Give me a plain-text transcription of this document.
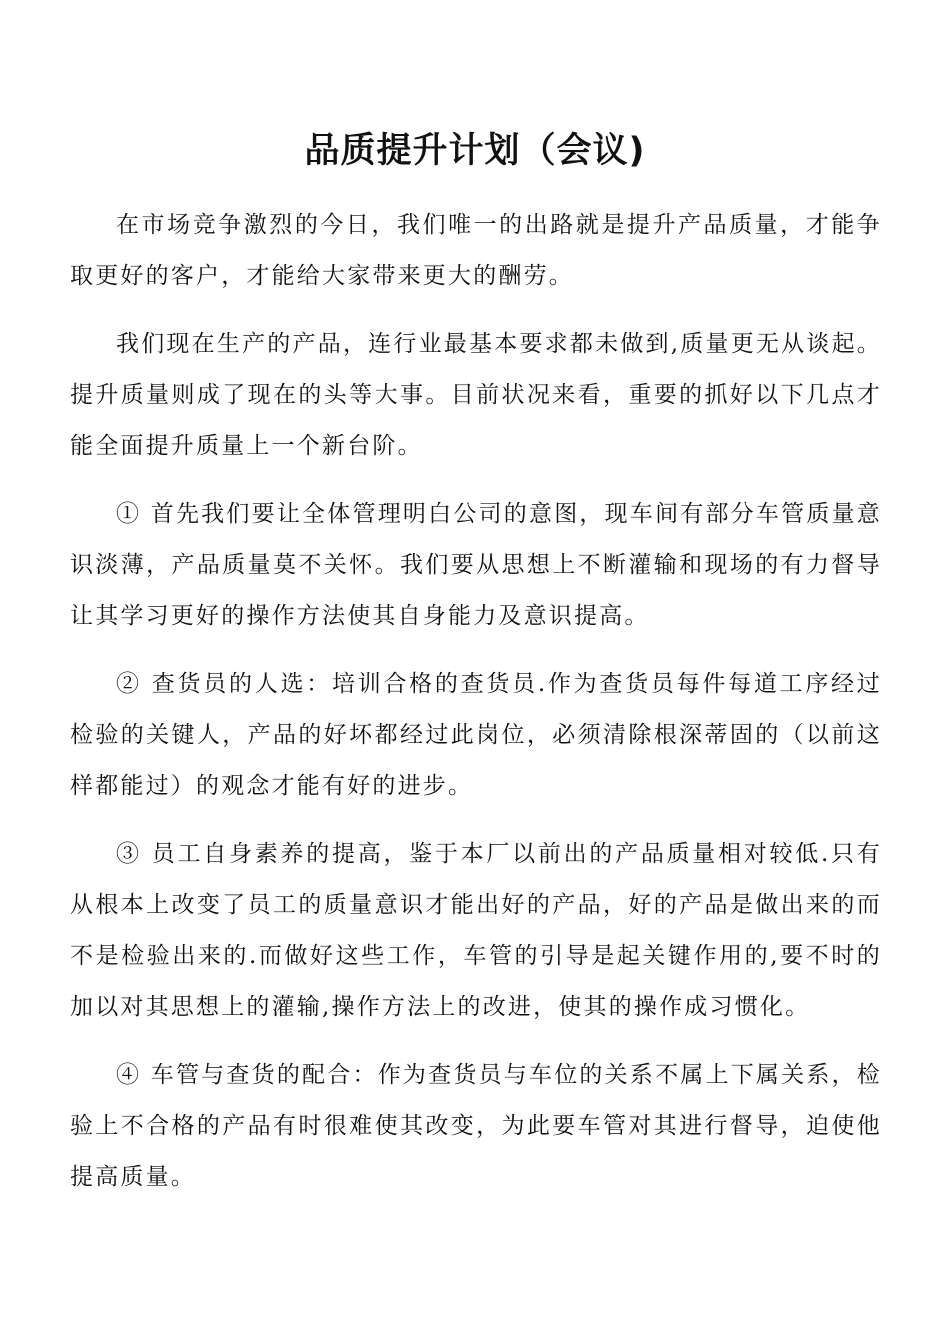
品质提升计划（会议)

在市场竞争激烈的今日，我们唯一的出路就是提升产品质量，才能争取更好的客户，才能给大家带来更大的酬劳。

我们现在生产的产品，连行业最基本要求都未做到,质量更无从谈起。提升质量则成了现在的头等大事。目前状况来看，重要的抓好以下几点才能全面提升质量上一个新台阶。

① 首先我们要让全体管理明白公司的意图，现车间有部分车管质量意识淡薄，产品质量莫不关怀。我们要从思想上不断灌输和现场的有力督导让其学习更好的操作方法使其自身能力及意识提高。

② 查货员的人选：培训合格的查货员.作为查货员每件每道工序经过检验的关键人，产品的好坏都经过此岗位，必须清除根深蒂固的（以前这样都能过）的观念才能有好的进步。

③ 员工自身素养的提高，鉴于本厂以前出的产品质量相对较低.只有从根本上改变了员工的质量意识才能出好的产品，好的产品是做出来的而不是检验出来的.而做好这些工作，车管的引导是起关键作用的,要不时的加以对其思想上的灌输,操作方法上的改进，使其的操作成习惯化。

④ 车管与查货的配合：作为查货员与车位的关系不属上下属关系，检验上不合格的产品有时很难使其改变，为此要车管对其进行督导，迫使他提高质量。
